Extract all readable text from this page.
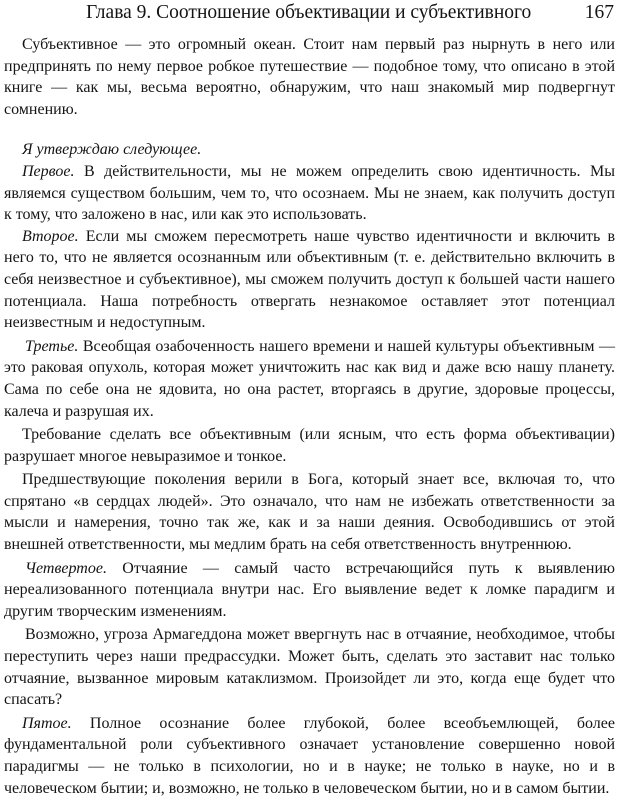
Глава 9. Соотношение объективации и субъективного	167

Субъективное — это огромный океан. Стоит нам первый раз нырнуть в него или предпринять по нему первое робкое путешествие — подобное тому, что описано в этой книге — как мы, весьма вероятно, обнаружим, что наш знакомый мир подвергнут сомнению.

Я утверждаю следующее.

Первое. В действительности, мы не можем определить свою идентичность. Мы являемся существом большим, чем то, что осознаем. Мы не знаем, как получить доступ к тому, что заложено в нас, или как это использовать.

Второе. Если мы сможем пересмотреть наше чувство идентичности и включить в него то, что не является осознанным или объективным (т. е. действительно включить в себя неизвестное и субъективное), мы сможем получить доступ к большей части нашего потенциала. Наша потребность отвергать незнакомое оставляет этот потенциал неизвестным и недоступным.

Третье. Всеобщая озабоченность нашего времени и нашей культуры объективным — это раковая опухоль, которая может уничтожить нас как вид и даже всю нашу планету. Сама по себе она не ядовита, но она растет, вторгаясь в другие, здоровые процессы, калеча и разрушая их.

Требование сделать все объективным (или ясным, что есть форма объективации) разрушает многое невыразимое и тонкое.

Предшествующие поколения верили в Бога, который знает все, включая то, что спрятано «в сердцах людей». Это означало, что нам не избежать ответственности за мысли и намерения, точно так же, как и за наши деяния. Освободившись от этой внешней ответственности, мы медлим брать на себя ответственность внутреннюю.

Четвертое. Отчаяние — самый часто встречающийся путь к выявлению нереализованного потенциала внутри нас. Его выявление ведет к ломке парадигм и другим творческим изменениям.

Возможно, угроза Армагеддона может ввергнуть нас в отчаяние, необходимое, чтобы переступить через наши предрассудки. Может быть, сделать это заставит нас только отчаяние, вызванное мировым катаклизмом. Произойдет ли это, когда еще будет что спасать?

Пятое. Полное осознание более глубокой, более всеобъемлющей, более фундаментальной роли субъективного означает установление совершенно новой парадигмы — не только в психологии, но и в науке; не только в науке, но и в человеческом бытии; и, возможно, не только в человеческом бытии, но и в самом бытии.
